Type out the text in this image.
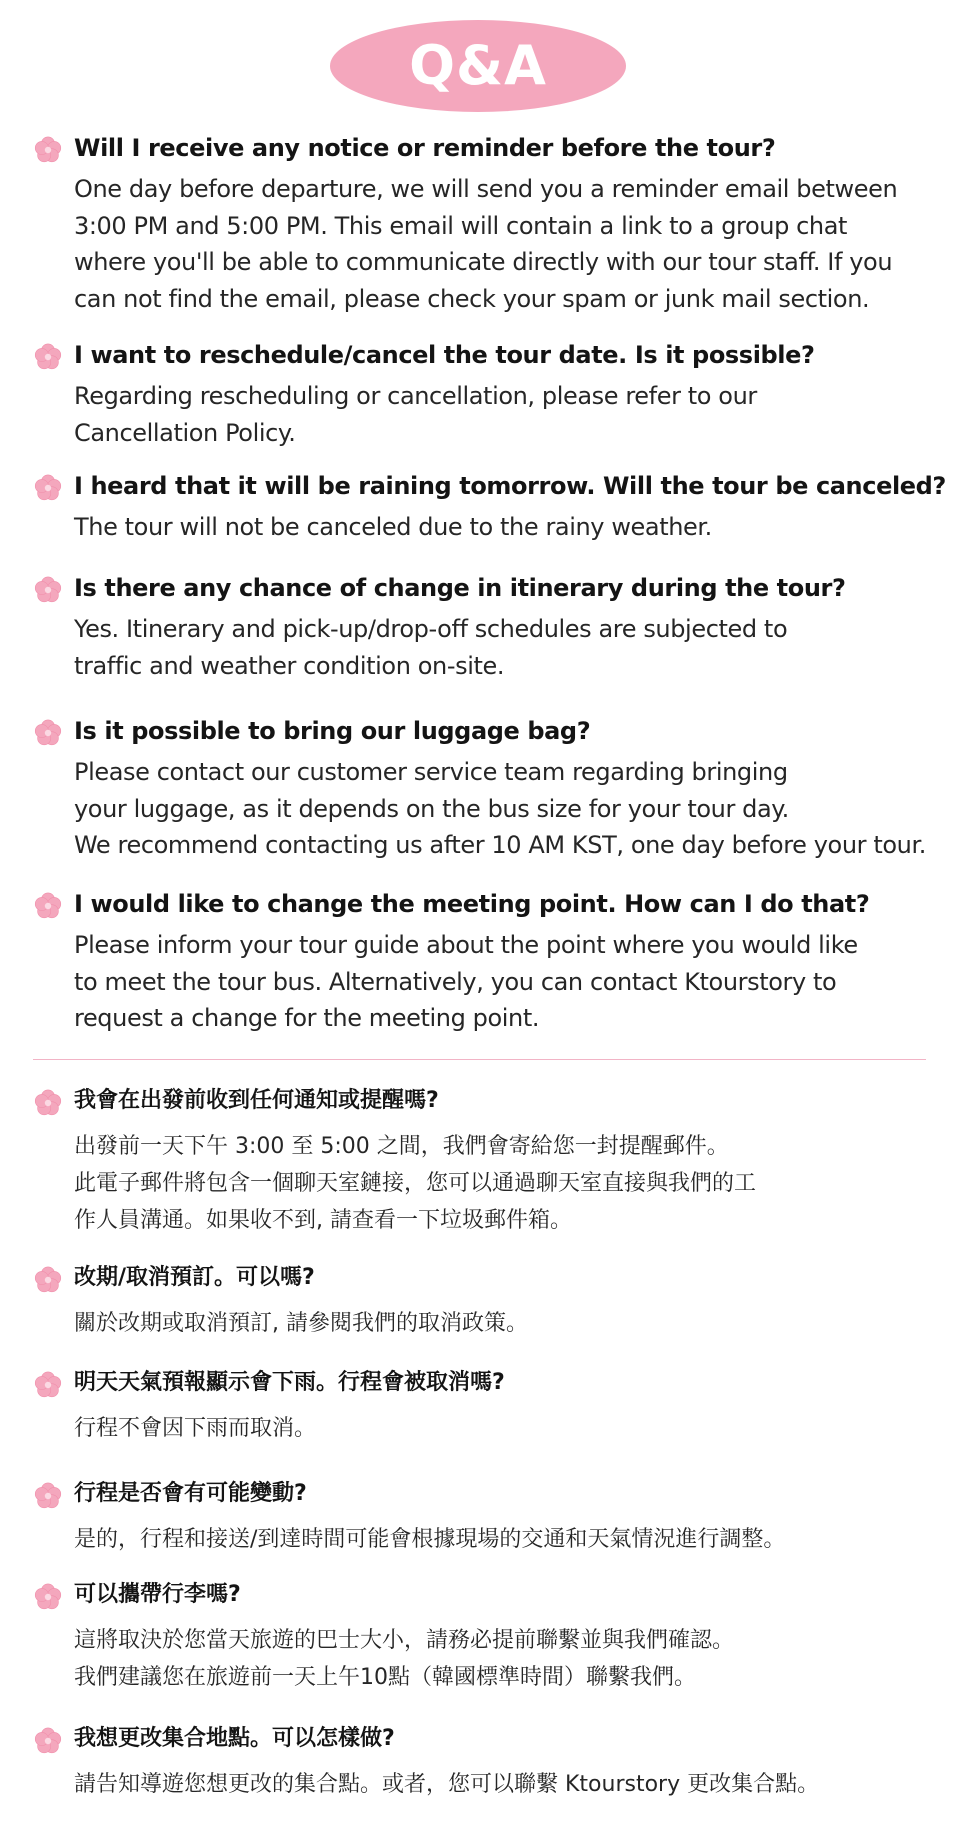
Q&A
Will I receive any notice or reminder before the tour?
One day before departure, we will send you a reminder email between
3:00 PM and 5:00 PM. This email will contain a link to a group chat
where you'll be able to communicate directly with our tour staff. If you
can not find the email, please check your spam or junk mail section.
I want to reschedule/cancel the tour date. Is it possible?
Regarding rescheduling or cancellation, please refer to our
Cancellation Policy.
I heard that it will be raining tomorrow. Will the tour be canceled?
The tour will not be canceled due to the rainy weather.
Is there any chance of change in itinerary during the tour?
Yes. Itinerary and pick-up/drop-off schedules are subjected to
traffic and weather condition on-site.
Is it possible to bring our luggage bag?
Please contact our customer service team regarding bringing
your luggage, as it depends on the bus size for your tour day.
We recommend contacting us after 10 AM KST, one day before your tour.
I would like to change the meeting point. How can I do that?
Please inform your tour guide about the point where you would like
to meet the tour bus. Alternatively, you can contact Ktourstory to
request a change for the meeting point.
我會在出發前收到任何通知或提醒嗎?
出發前一天下午 3:00 至 5:00 之間，我們會寄給您一封提醒郵件。
此電子郵件將包含一個聊天室鏈接，您可以通過聊天室直接與我們的工
作人員溝通。如果收不到, 請查看一下垃圾郵件箱。
改期/取消預訂。可以嗎?
關於改期或取消預訂, 請參閱我們的取消政策。
明天天氣預報顯示會下雨。行程會被取消嗎?
行程不會因下雨而取消。
行程是否會有可能變動?
是的，行程和接送/到達時間可能會根據現場的交通和天氣情況進行調整。
可以攜帶行李嗎?
這將取決於您當天旅遊的巴士大小，請務必提前聯繫並與我們確認。
我們建議您在旅遊前一天上午10點（韓國標準時間）聯繫我們。
我想更改集合地點。可以怎樣做?
請告知導遊您想更改的集合點。或者，您可以聯繫 Ktourstory 更改集合點。
